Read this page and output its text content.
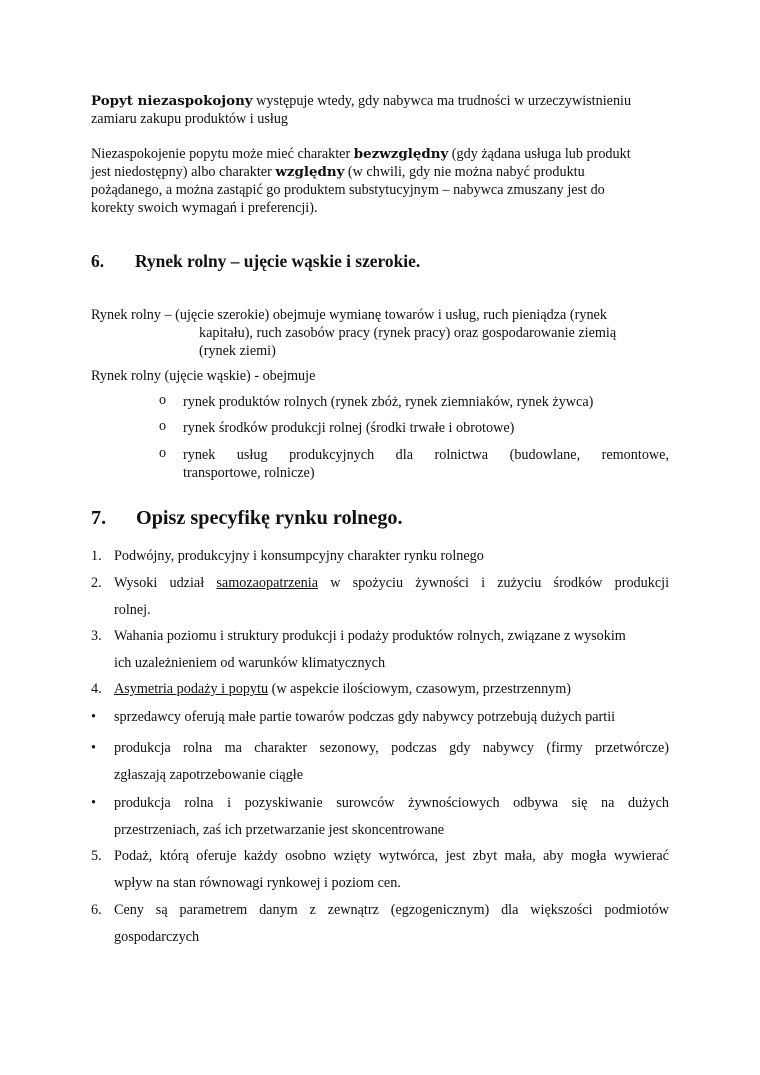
Popyt niezaspokojony występuje wtedy, gdy nabywca ma trudności w urzeczywistnieniu
zamiaru zakupu produktów i usług
Niezaspokojenie popytu może mieć charakter bezwzględny (gdy żądana usługa lub produkt
jest niedostępny) albo charakter względny (w chwili, gdy nie można nabyć produktu
pożądanego, a można zastąpić go produktem substytucyjnym – nabywca zmuszany jest do
korekty swoich wymagań i preferencji).
6. Rynek rolny – ujęcie wąskie i szerokie.
Rynek rolny – (ujęcie szerokie) obejmuje wymianę towarów i usług, ruch pieniądza (rynek
kapitału), ruch zasobów pracy (rynek pracy) oraz gospodarowanie ziemią
(rynek ziemi)
Rynek rolny (ujęcie wąskie) - obejmuje
o rynek produktów rolnych (rynek zbóż, rynek ziemniaków, rynek żywca)
o rynek środków produkcji rolnej (środki trwałe i obrotowe)
o rynek usług produkcyjnych dla rolnictwa (budowlane, remontowe,
transportowe, rolnicze)
7. Opisz specyfikę rynku rolnego.
1. Podwójny, produkcyjny i konsumpcyjny charakter rynku rolnego
2. Wysoki udział samozaopatrzenia w spożyciu żywności i zużyciu środków produkcji
rolnej.
3. Wahania poziomu i struktury produkcji i podaży produktów rolnych, związane z wysokim
ich uzależnieniem od warunków klimatycznych
4. Asymetria podaży i popytu (w aspekcie ilościowym, czasowym, przestrzennym)
• sprzedawcy oferują małe partie towarów podczas gdy nabywcy potrzebują dużych partii
• produkcja rolna ma charakter sezonowy, podczas gdy nabywcy (firmy przetwórcze)
zgłaszają zapotrzebowanie ciągłe
• produkcja rolna i pozyskiwanie surowców żywnościowych odbywa się na dużych
przestrzeniach, zaś ich przetwarzanie jest skoncentrowane
5. Podaż, którą oferuje każdy osobno wzięty wytwórca, jest zbyt mała, aby mogła wywierać
wpływ na stan równowagi rynkowej i poziom cen.
6. Ceny są parametrem danym z zewnątrz (egzogenicznym) dla większości podmiotów
gospodarczych
